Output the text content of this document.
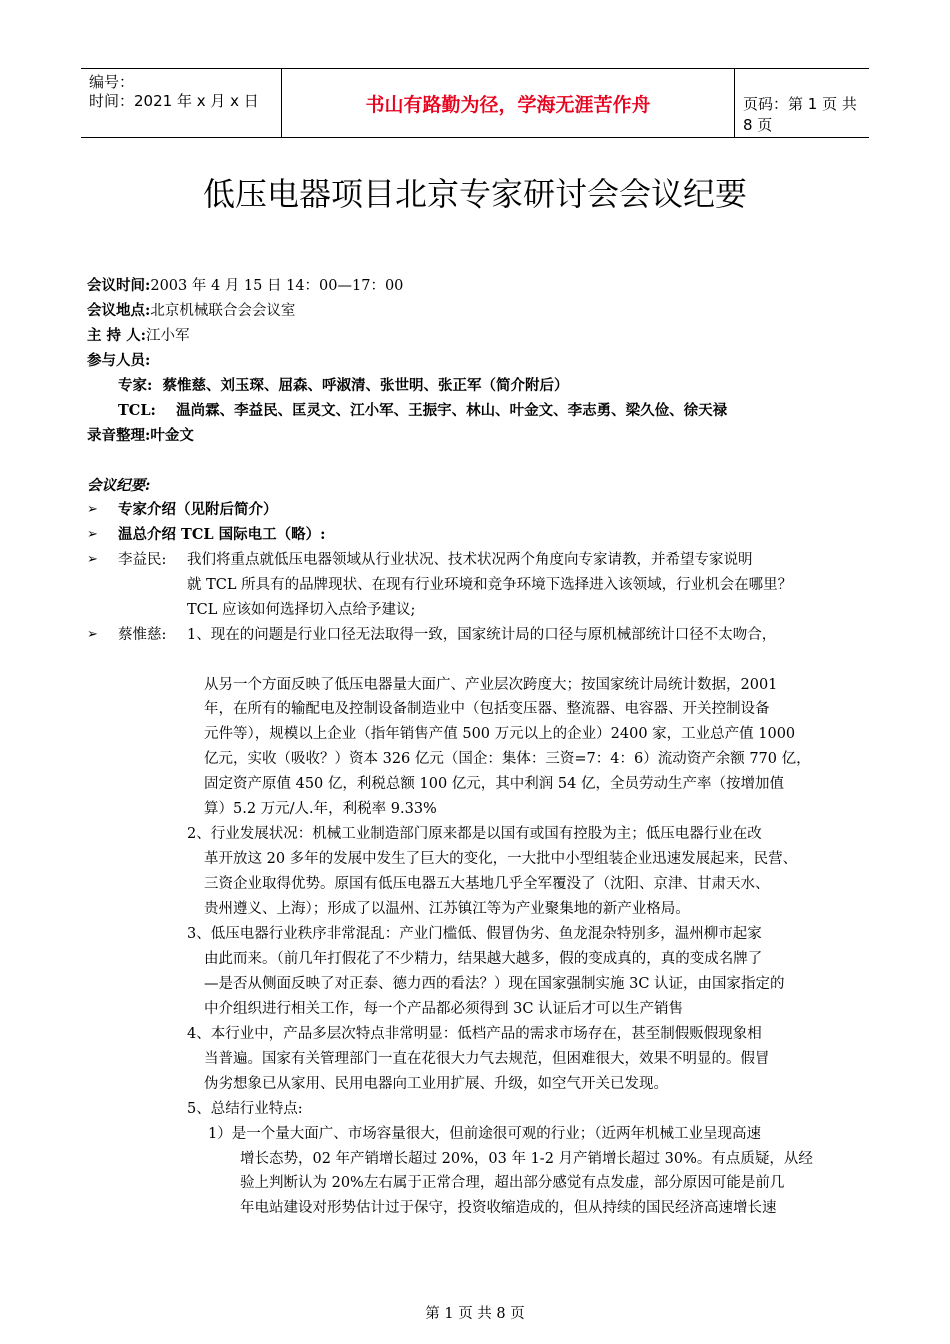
编号：
时间：2021 年 x 月 x 日	书山有路勤为径，学海无涯苦作舟	页码：第 1 页 共 8 页
低压电器项目北京专家研讨会会议纪要
会议时间:2003 年 4 月 15 日 14：00—17：00
会议地点:北京机械联合会会议室
主 持 人:江小军
参与人员:
专家: 蔡惟慈、刘玉琛、屈森、呼淑清、张世明、张正军（简介附后）
TCL: 温尚霖、李益民、匡灵文、江小军、王振宇、林山、叶金文、李志勇、梁久俭、徐天禄
录音整理:叶金文
会议纪要:
➢ 专家介绍（见附后简介）
➢ 温总介绍 TCL 国际电工（略）:
➢ 李益民: 我们将重点就低压电器领域从行业状况、技术状况两个角度向专家请教，并希望专家说明
就 TCL 所具有的品牌现状、在现有行业环境和竞争环境下选择进入该领域，行业机会在哪里？
TCL 应该如何选择切入点给予建议;
➢ 蔡惟慈: 1、现在的问题是行业口径无法取得一致，国家统计局的口径与原机械部统计口径不太吻合，
从另一个方面反映了低压电器量大面广、产业层次跨度大；按国家统计局统计数据，2001
年，在所有的输配电及控制设备制造业中（包括变压器、整流器、电容器、开关控制设备
元件等），规模以上企业（指年销售产值 500 万元以上的企业）2400 家，工业总产值 1000
亿元，实收（吸收？）资本 326 亿元（国企：集体：三资=7：4：6）流动资产余额 770 亿，
固定资产原值 450 亿，利税总额 100 亿元，其中利润 54 亿，全员劳动生产率（按增加值
算）5.2 万元/人.年，利税率 9.33%
2、行业发展状况：机械工业制造部门原来都是以国有或国有控股为主；低压电器行业在改
革开放这 20 多年的发展中发生了巨大的变化，一大批中小型组装企业迅速发展起来，民营、
三资企业取得优势。原国有低压电器五大基地几乎全军覆没了（沈阳、京津、甘肃天水、
贵州遵义、上海）；形成了以温州、江苏镇江等为产业聚集地的新产业格局。
3、低压电器行业秩序非常混乱：产业门槛低、假冒伪劣、鱼龙混杂特别多，温州柳市起家
由此而来。（前几年打假花了不少精力，结果越大越多，假的变成真的，真的变成名牌了
—是否从侧面反映了对正泰、德力西的看法？）现在国家强制实施 3C 认证，由国家指定的
中介组织进行相关工作，每一个产品都必须得到 3C 认证后才可以生产销售
4、本行业中，产品多层次特点非常明显：低档产品的需求市场存在，甚至制假贩假现象相
当普遍。国家有关管理部门一直在花很大力气去规范，但困难很大，效果不明显的。假冒
伪劣想象已从家用、民用电器向工业用扩展、升级，如空气开关已发现。
5、总结行业特点:
1）是一个量大面广、市场容量很大，但前途很可观的行业；（近两年机械工业呈现高速
增长态势，02 年产销增长超过 20%，03 年 1-2 月产销增长超过 30%。有点质疑，从经
验上判断认为 20%左右属于正常合理，超出部分感觉有点发虚，部分原因可能是前几
年电站建设对形势估计过于保守，投资收缩造成的，但从持续的国民经济高速增长速
第 1 页 共 8 页
